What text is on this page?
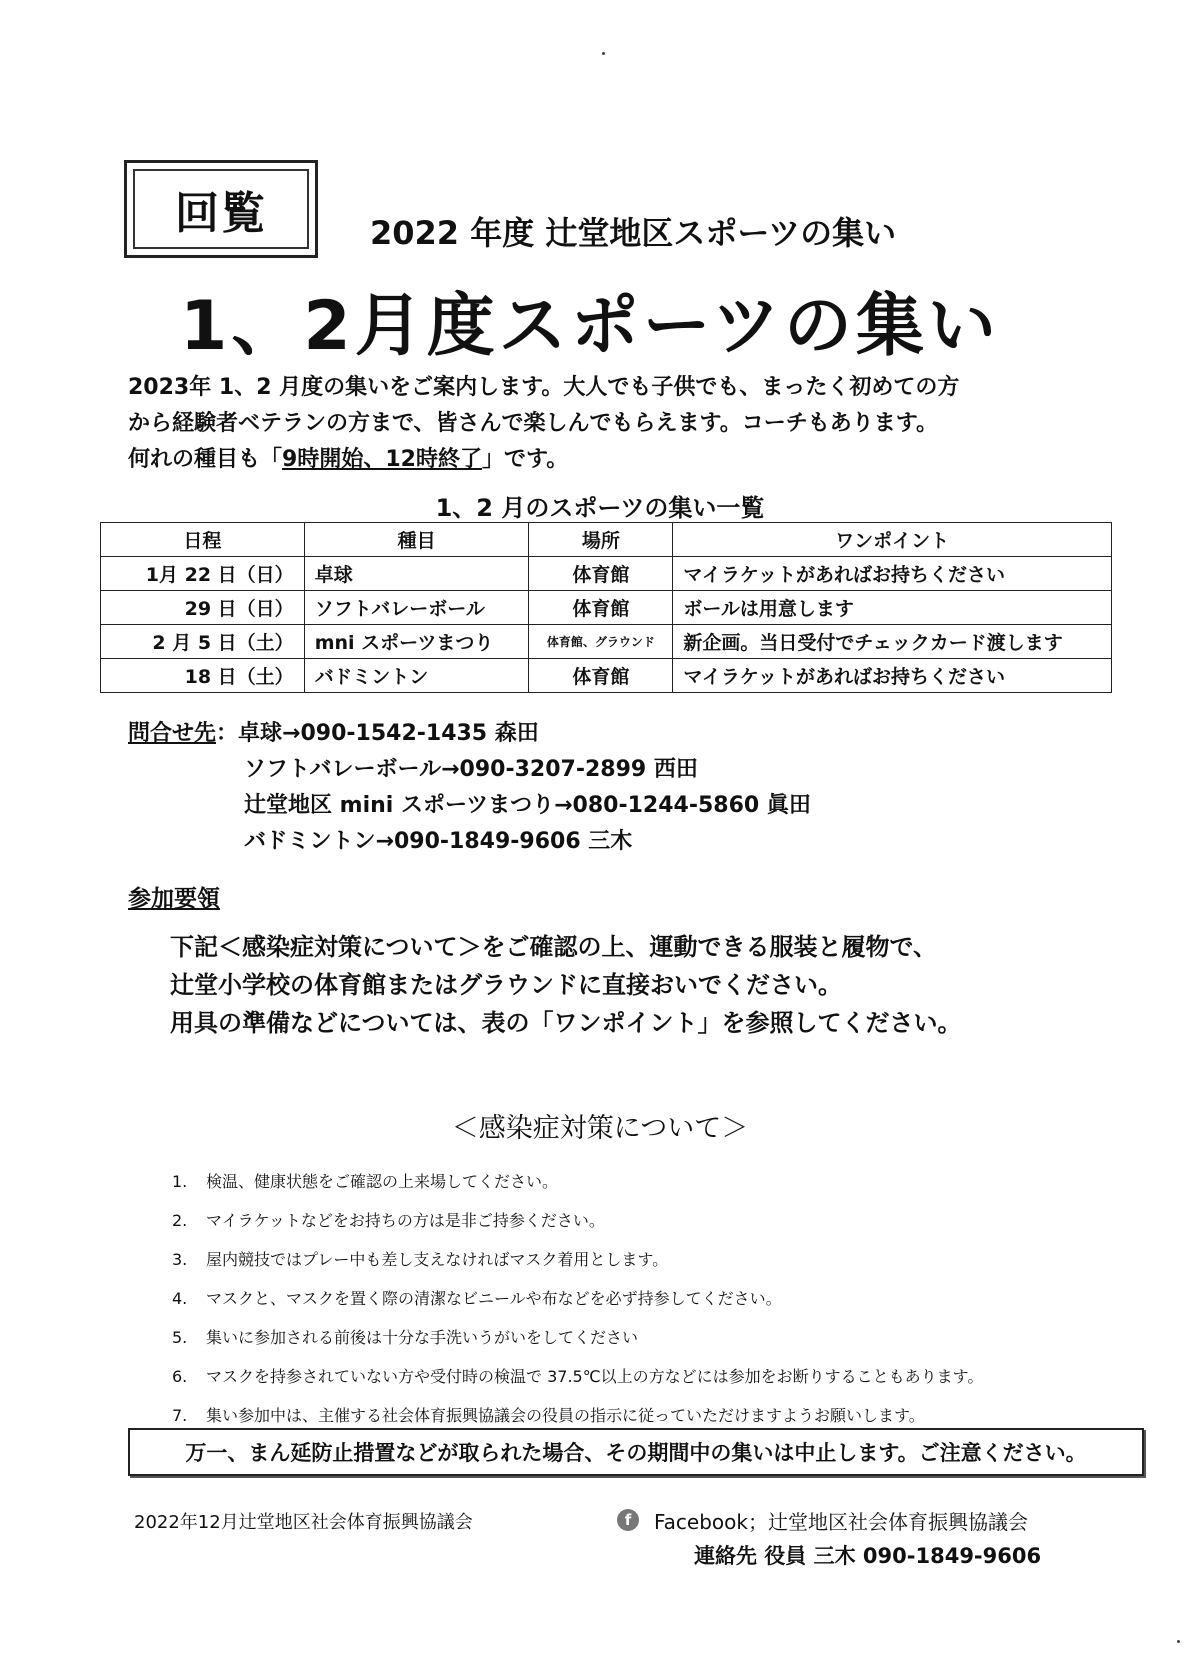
回覧	2022 年度 辻堂地区スポーツの集い
1、2月度スポーツの集い
2023年 1、2 月度の集いをご案内します。大人でも子供でも、まったく初めての方
から経験者ベテランの方まで、皆さんで楽しんでもらえます。コーチもあります。
何れの種目も「9時開始、12時終了」です。
1、2 月のスポーツの集い一覧
日程	種目	場所	ワンポイント
1月 22 日（日）	卓球	体育館	マイラケットがあればお持ちください
29 日（日）	ソフトバレーボール	体育館	ボールは用意します
2 月 5 日（土）	mni スポーツまつり	体育館、グラウンド	新企画。当日受付でチェックカード渡します
18 日（土）	バドミントン	体育館	マイラケットがあればお持ちください
問合せ先：卓球→090-1542-1435 森田
ソフトバレーボール→090-3207-2899 西田
辻堂地区 mini スポーツまつり→080-1244-5860 眞田
バドミントン→090-1849-9606 三木
参加要領
下記＜感染症対策について＞をご確認の上、運動できる服装と履物で、
辻堂小学校の体育館またはグラウンドに直接おいでください。
用具の準備などについては、表の「ワンポイント」を参照してください。
＜感染症対策について＞
1. 検温、健康状態をご確認の上来場してください。
2. マイラケットなどをお持ちの方は是非ご持参ください。
3. 屋内競技ではプレー中も差し支えなければマスク着用とします。
4. マスクと、マスクを置く際の清潔なビニールや布などを必ず持参してください。
5. 集いに参加される前後は十分な手洗いうがいをしてください
6. マスクを持参されていない方や受付時の検温で 37.5℃以上の方などには参加をお断りすることもあります。
7. 集い参加中は、主催する社会体育振興協議会の役員の指示に従っていただけますようお願いします。
万一、まん延防止措置などが取られた場合、その期間中の集いは中止します。ご注意ください。
2022年12月辻堂地区社会体育振興協議会	f	Facebook；辻堂地区社会体育振興協議会
連絡先 役員 三木 090-1849-9606
